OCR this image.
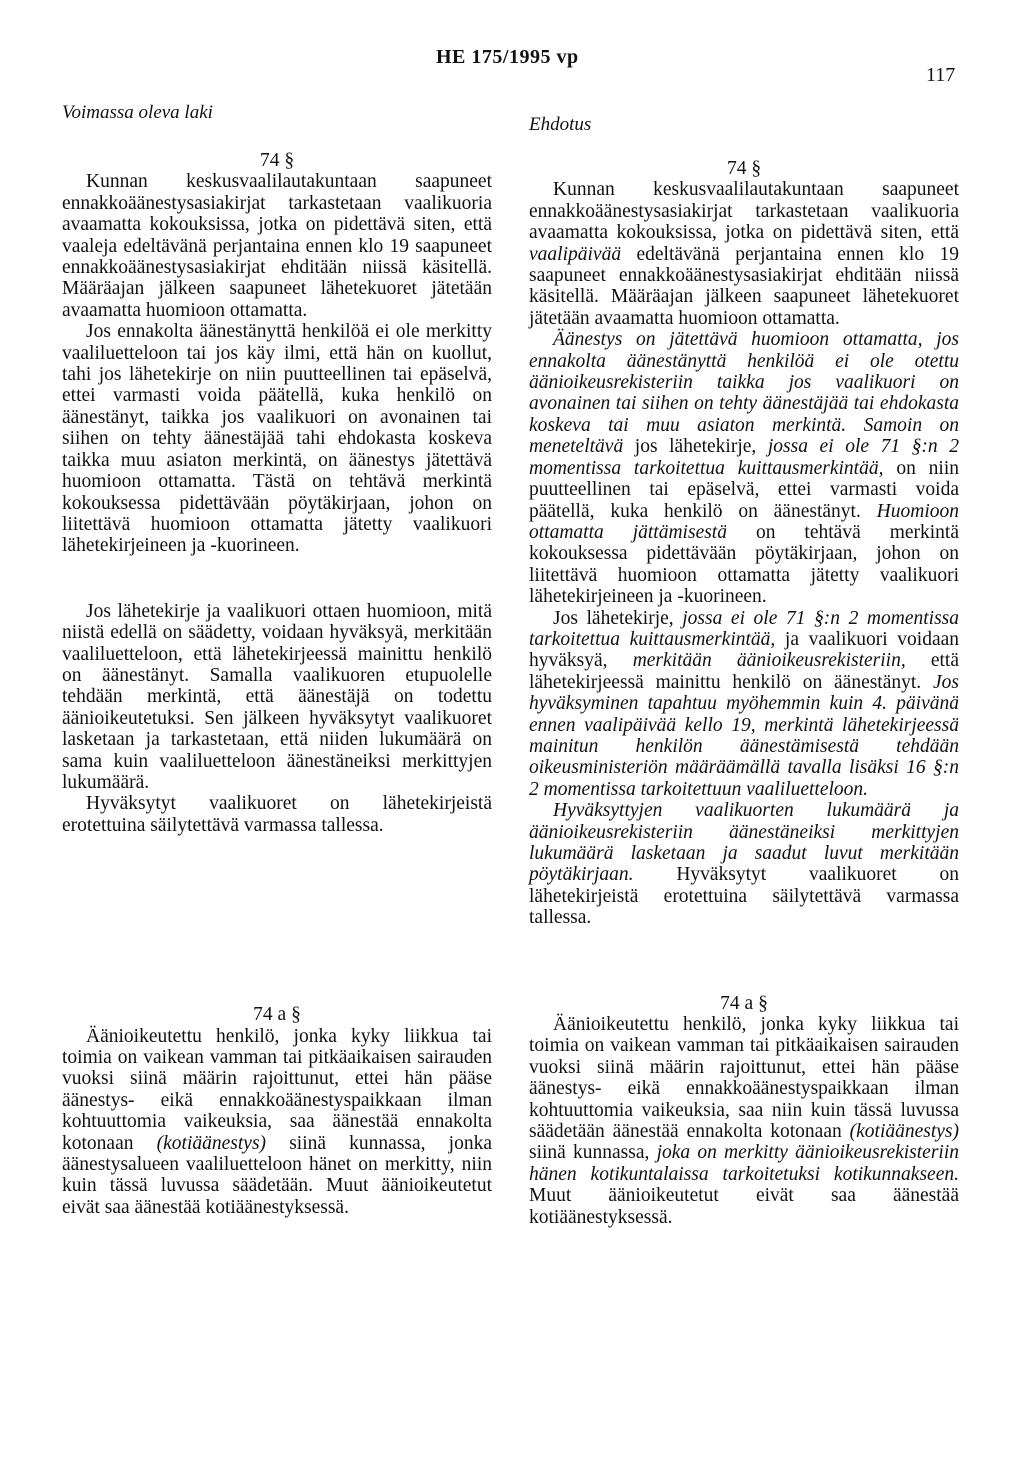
HE 175/1995 vp
117
Voimassa oleva laki
Ehdotus

74 §

Kunnan keskusvaalilautakuntaan saapuneet ennakkoäänestysasiakirjat tarkastetaan vaalikuoria avaamatta kokouksissa, jotka on pidettävä siten, että vaaleja edeltävänä perjantaina ennen klo 19 saapuneet ennakkoäänestysasiakirjat ehditään niissä käsitellä. Määräajan jälkeen saapuneet lähetekuoret jätetään avaamatta huomioon ottamatta.

Jos ennakolta äänestänyttä henkilöä ei ole merkitty vaaliluetteloon tai jos käy ilmi, että hän on kuollut, tahi jos lähetekirje on niin puutteellinen tai epäselvä, ettei varmasti voida päätellä, kuka henkilö on äänestänyt, taikka jos vaalikuori on avonainen tai siihen on tehty äänestäjää tahi ehdokasta koskeva taikka muu asiaton merkintä, on äänestys jätettävä huomioon ottamatta. Tästä on tehtävä merkintä kokouksessa pidettävään pöytäkirjaan, johon on liitettävä huomioon ottamatta jätetty vaalikuori lähetekirjeineen ja -kuorineen.

Jos lähetekirje ja vaalikuori ottaen huomioon, mitä niistä edellä on säädetty, voidaan hyväksyä, merkitään vaaliluetteloon, että lähetekirjeessä mainittu henkilö on äänestänyt. Samalla vaalikuoren etupuolelle tehdään merkintä, että äänestäjä on todettu äänioikeutetuksi. Sen jälkeen hyväksytyt vaalikuoret lasketaan ja tarkastetaan, että niiden lukumäärä on sama kuin vaaliluetteloon äänestäneiksi merkittyjen lukumäärä.

Hyväksytyt vaalikuoret on lähetekirjeistä erotettuina säilytettävä varmassa tallessa.

74 a §

Äänioikeutettu henkilö, jonka kyky liikkua tai toimia on vaikean vamman tai pitkäaikaisen sairauden vuoksi siinä määrin rajoittunut, ettei hän pääse äänestys- eikä ennakkoäänestyspaikkaan ilman kohtuuttomia vaikeuksia, saa äänestää ennakolta kotonaan (kotiäänestys) siinä kunnassa, jonka äänestysalueen vaaliluetteloon hänet on merkitty, niin kuin tässä luvussa säädetään. Muut äänioikeutetut eivät saa äänestää kotiäänestyksessä.

74 §

Kunnan keskusvaalilautakuntaan saapuneet ennakkoäänestysasiakirjat tarkastetaan vaalikuoria avaamatta kokouksissa, jotka on pidettävä siten, että vaalipäivää edeltävänä perjantaina ennen klo 19 saapuneet ennakkoäänestysasiakirjat ehditään niissä käsitellä. Määräajan jälkeen saapuneet lähetekuoret jätetään avaamatta huomioon ottamatta.

Äänestys on jätettävä huomioon ottamatta, jos ennakolta äänestänyttä henkilöä ei ole otettu äänioikeusrekisteriin taikka jos vaalikuori on avonainen tai siihen on tehty äänestäjää tai ehdokasta koskeva tai muu asiaton merkintä. Samoin on meneteltävä jos lähetekirje, jossa ei ole 71 §:n 2 momentissa tarkoitettua kuittausmerkintää, on niin puutteellinen tai epäselvä, ettei varmasti voida päätellä, kuka henkilö on äänestänyt. Huomioon ottamatta jättämisestä on tehtävä merkintä kokouksessa pidettävään pöytäkirjaan, johon on liitettävä huomioon ottamatta jätetty vaalikuori lähetekirjeineen ja -kuorineen.

Jos lähetekirje, jossa ei ole 71 §:n 2 momentissa tarkoitettua kuittausmerkintää, ja vaalikuori voidaan hyväksyä, merkitään äänioikeusrekisteriin, että lähetekirjeessä mainittu henkilö on äänestänyt. Jos hyväksyminen tapahtuu myöhemmin kuin 4. päivänä ennen vaalipäivää kello 19, merkintä lähetekirjeessä mainitun henkilön äänestämisestä tehdään oikeusministeriön määräämällä tavalla lisäksi 16 §:n 2 momentissa tarkoitettuun vaaliluetteloon.

Hyväksyttyjen vaalikuorten lukumäärä ja äänioikeusrekisteriin äänestäneiksi merkittyjen lukumäärä lasketaan ja saadut luvut merkitään pöytäkirjaan. Hyväksytyt vaalikuoret on lähetekirjeistä erotettuina säilytettävä varmassa tallessa.

74 a §

Äänioikeutettu henkilö, jonka kyky liikkua tai toimia on vaikean vamman tai pitkäaikaisen sairauden vuoksi siinä määrin rajoittunut, ettei hän pääse äänestys- eikä ennakkoäänestyspaikkaan ilman kohtuuttomia vaikeuksia, saa niin kuin tässä luvussa säädetään äänestää ennakolta kotonaan (kotiäänestys) siinä kunnassa, joka on merkitty äänioikeusrekisteriin hänen kotikuntalaissa tarkoitetuksi kotikunnakseen. Muut äänioikeutetut eivät saa äänestää kotiäänestyksessä.
